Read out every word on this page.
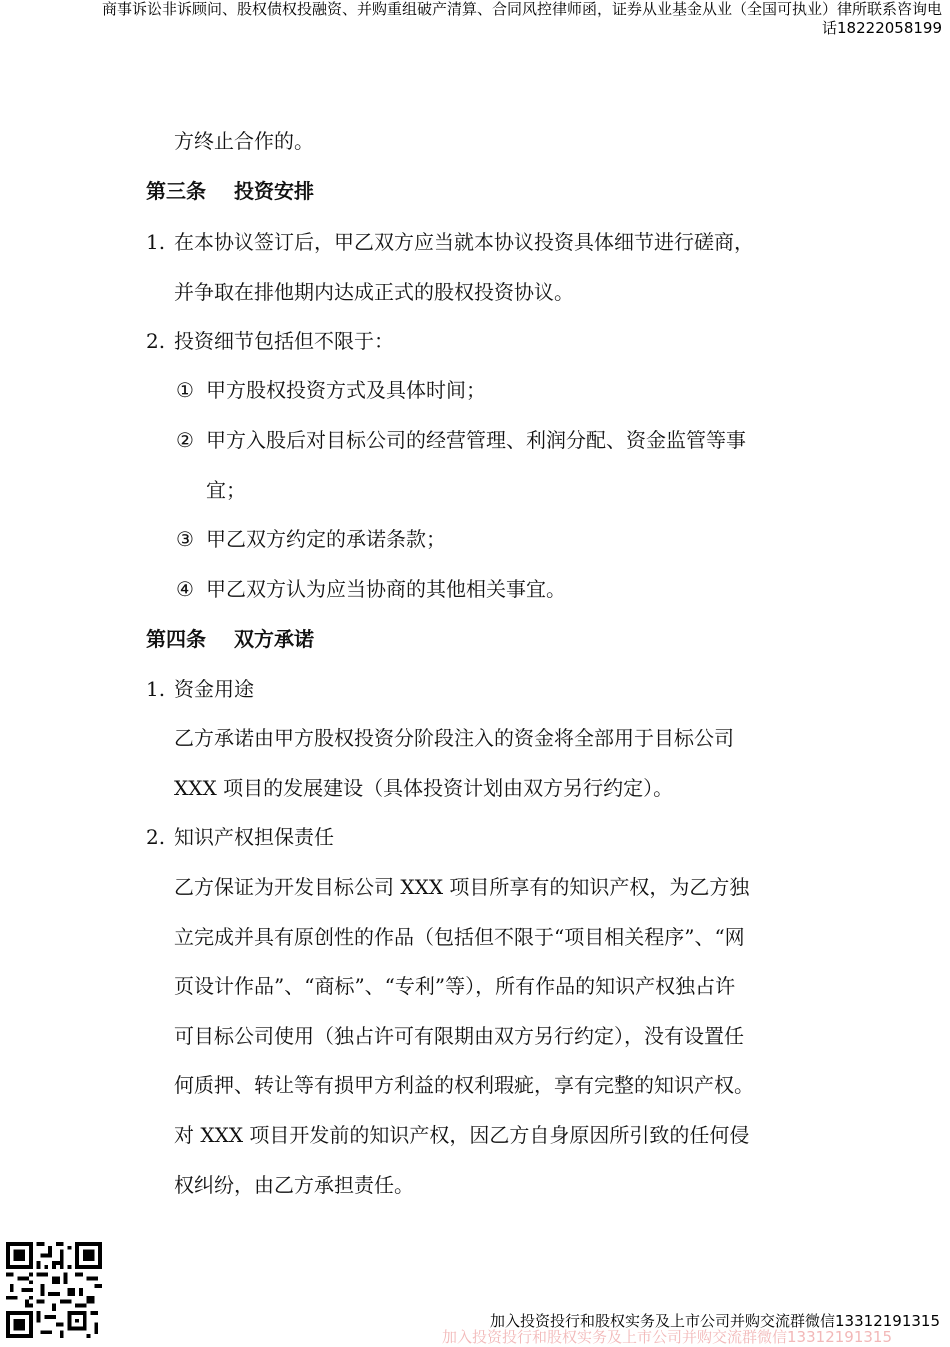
商事诉讼非诉顾问、股权债权投融资、并购重组破产清算、合同风控律师函，证券从业基金从业（全国可执业）律所联系咨询电
话18222058199
方终止合作的。
第三条 投资安排
1. 在本协议签订后，甲乙双方应当就本协议投资具体细节进行磋商，
并争取在排他期内达成正式的股权投资协议。
2. 投资细节包括但不限于：
① 甲方股权投资方式及具体时间；
② 甲方入股后对目标公司的经营管理、利润分配、资金监管等事
宜；
③ 甲乙双方约定的承诺条款；
④ 甲乙双方认为应当协商的其他相关事宜。
第四条 双方承诺
1. 资金用途
乙方承诺由甲方股权投资分阶段注入的资金将全部用于目标公司
XXX 项目的发展建设（具体投资计划由双方另行约定）。
2. 知识产权担保责任
乙方保证为开发目标公司 XXX 项目所享有的知识产权，为乙方独
立完成并具有原创性的作品（包括但不限于“项目相关程序”、“网
页设计作品”、“商标”、“专利”等），所有作品的知识产权独占许
可目标公司使用（独占许可有限期由双方另行约定），没有设置任
何质押、转让等有损甲方利益的权利瑕疵，享有完整的知识产权。
对 XXX 项目开发前的知识产权，因乙方自身原因所引致的任何侵
权纠纷，由乙方承担责任。
加入投资投行和股权实务及上市公司并购交流群微信13312191315
加入投资投行和股权实务及上市公司并购交流群微信13312191315
